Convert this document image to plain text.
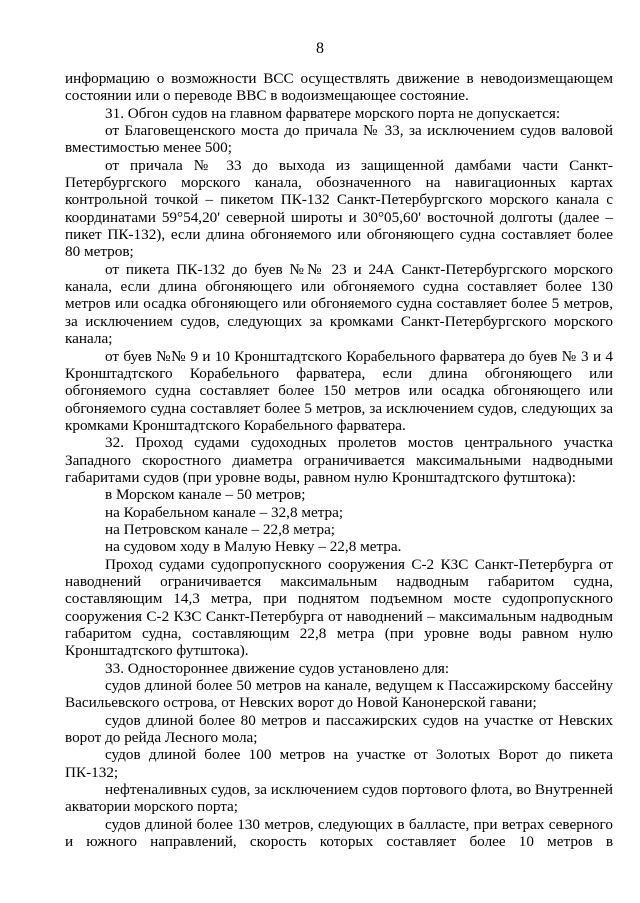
8

информацию о возможности ВСС осуществлять движение в неводоизмещающем состоянии или о переводе ВВС в водоизмещающее состояние.

31. Обгон судов на главном фарватере морского порта не допускается:

от Благовещенского моста до причала № 33, за исключением судов валовой вместимостью менее 500;

от причала № 33 до выхода из защищенной дамбами части Санкт-Петербургского морского канала, обозначенного на навигационных картах контрольной точкой – пикетом ПК-132 Санкт-Петербургского морского канала с координатами 59°54,20' северной широты и 30°05,60' восточной долготы (далее – пикет ПК-132), если длина обгоняемого или обгоняющего судна составляет более 80 метров;

от пикета ПК-132 до буев №№ 23 и 24А Санкт-Петербургского морского канала, если длина обгоняющего или обгоняемого судна составляет более 130 метров или осадка обгоняющего или обгоняемого судна составляет более 5 метров, за исключением судов, следующих за кромками Санкт-Петербургского морского канала;

от буев №№ 9 и 10 Кронштадтского Корабельного фарватера до буев № 3 и 4 Кронштадтского Корабельного фарватера, если длина обгоняющего или обгоняемого судна составляет более 150 метров или осадка обгоняющего или обгоняемого судна составляет более 5 метров, за исключением судов, следующих за кромками Кронштадтского Корабельного фарватера.

32. Проход судами судоходных пролетов мостов центрального участка Западного скоростного диаметра ограничивается максимальными надводными габаритами судов (при уровне воды, равном нулю Кронштадтского футштока):

в Морском канале – 50 метров;

на Корабельном канале – 32,8 метра;

на Петровском канале – 22,8 метра;

на судовом ходу в Малую Невку – 22,8 метра.

Проход судами судопропускного сооружения С-2 КЗС Санкт-Петербурга от наводнений ограничивается максимальным надводным габаритом судна, составляющим 14,3 метра, при поднятом подъемном мосте судопропускного сооружения С-2 КЗС Санкт-Петербурга от наводнений – максимальным надводным габаритом судна, составляющим 22,8 метра (при уровне воды равном нулю Кронштадтского футштока).

33. Одностороннее движение судов установлено для:

судов длиной более 50 метров на канале, ведущем к Пассажирскому бассейну Васильевского острова, от Невских ворот до Новой Канонерской гавани;

судов длиной более 80 метров и пассажирских судов на участке от Невских ворот до рейда Лесного мола;

судов длиной более 100 метров на участке от Золотых Ворот до пикета ПК-132;

нефтеналивных судов, за исключением судов портового флота, во Внутренней акватории морского порта;

судов длиной более 130 метров, следующих в балласте, при ветрах северного и южного направлений, скорость которых составляет более 10 метров в
